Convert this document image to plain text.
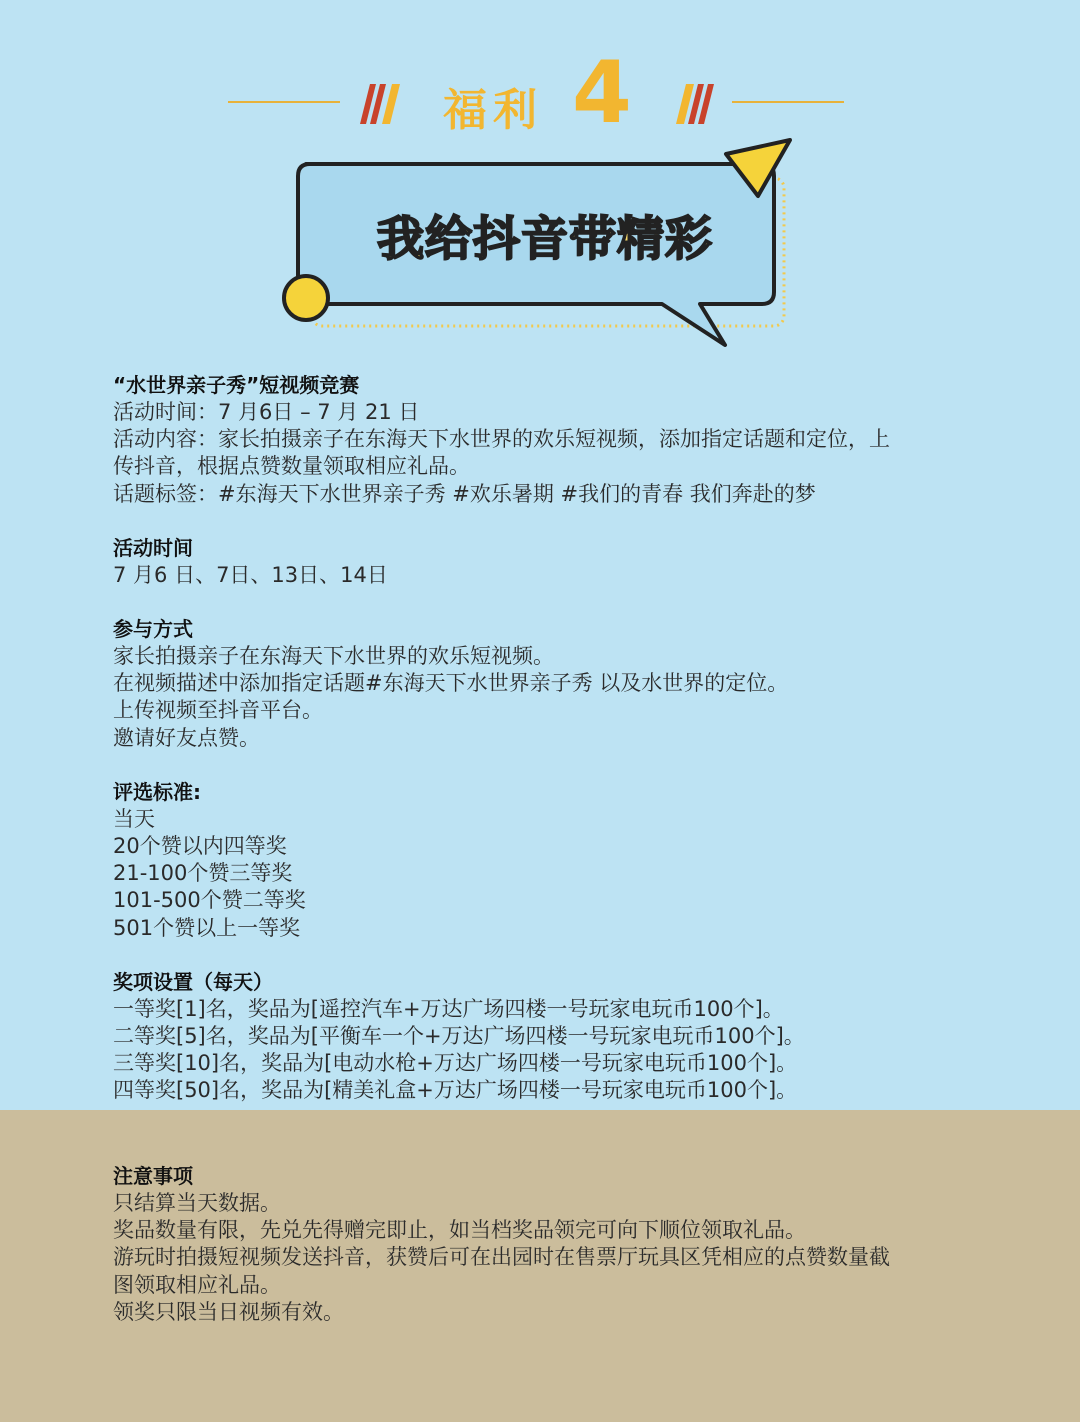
福利 4
我给抖音带精彩
“水世界亲子秀”短视频竞赛

活动时间：7 月6日 – 7 月 21 日

活动内容：家长拍摄亲子在东海天下水世界的欢乐短视频，添加指定话题和定位，上

传抖音，根据点赞数量领取相应礼品。

话题标签：#东海天下水世界亲子秀 #欢乐暑期 #我们的青春 我们奔赴的梦

活动时间

7 月6 日、7日、13日、14日

参与方式

家长拍摄亲子在东海天下水世界的欢乐短视频。

在视频描述中添加指定话题#东海天下水世界亲子秀 以及水世界的定位。

上传视频至抖音平台。

邀请好友点赞。

评选标准:

当天

20个赞以内四等奖

21-100个赞三等奖

101-500个赞二等奖

501个赞以上一等奖

奖项设置（每天）

一等奖[1]名，奖品为[遥控汽车+万达广场四楼一号玩家电玩币100个]。

二等奖[5]名，奖品为[平衡车一个+万达广场四楼一号玩家电玩币100个]。

三等奖[10]名，奖品为[电动水枪+万达广场四楼一号玩家电玩币100个]。

四等奖[50]名，奖品为[精美礼盒+万达广场四楼一号玩家电玩币100个]。

注意事项

只结算当天数据。

奖品数量有限，先兑先得赠完即止，如当档奖品领完可向下顺位领取礼品。

游玩时拍摄短视频发送抖音，获赞后可在出园时在售票厅玩具区凭相应的点赞数量截

图领取相应礼品。

领奖只限当日视频有效。
